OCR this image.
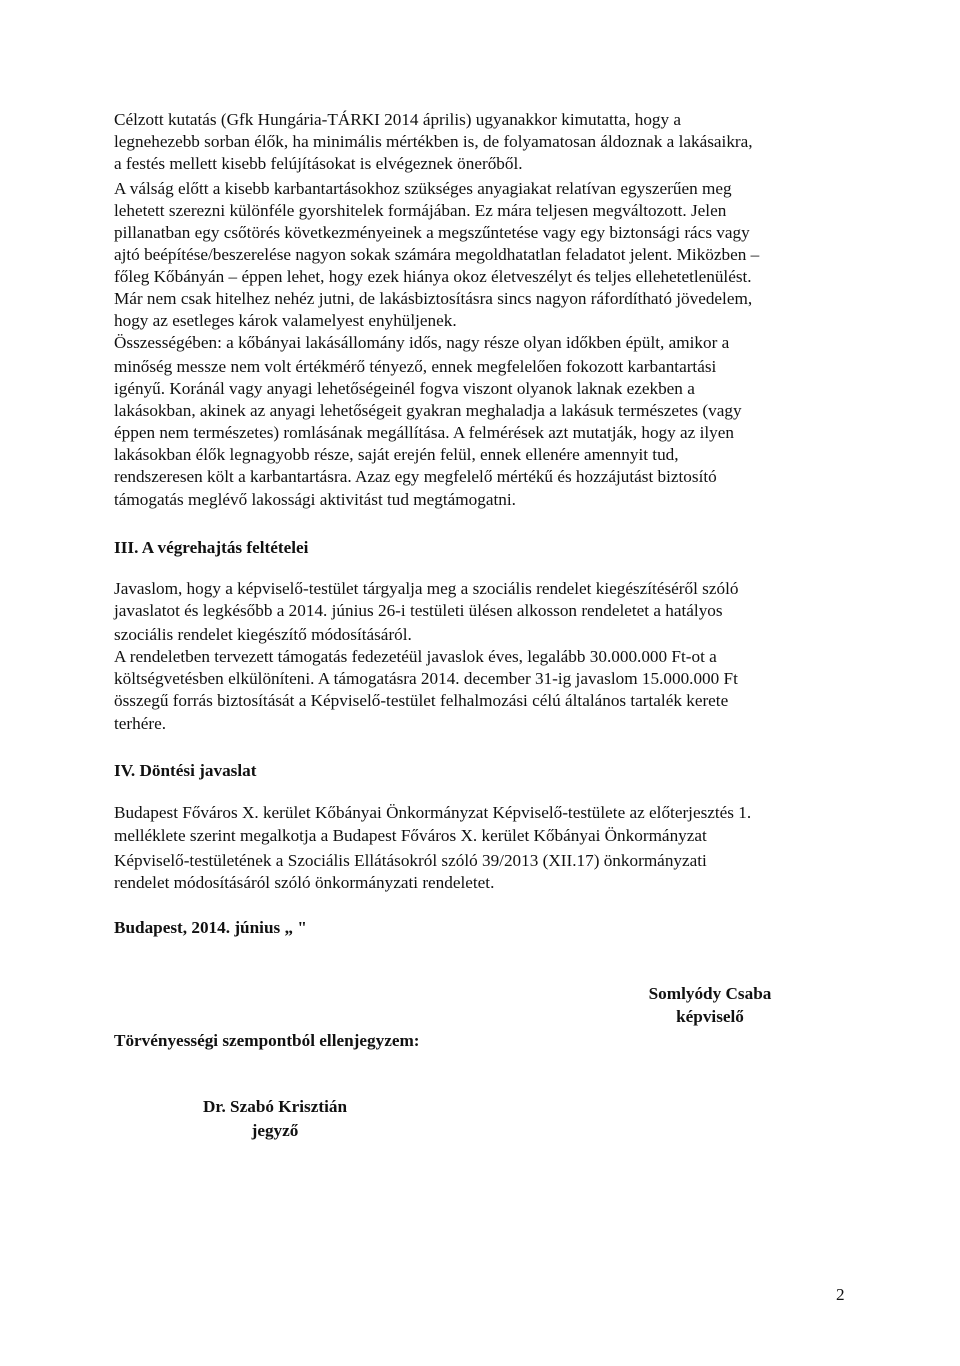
Célzott kutatás (Gfk Hungária-TÁRKI 2014 április) ugyanakkor kimutatta, hogy a
legnehezebb sorban élők, ha minimális mértékben is, de folyamatosan áldoznak a lakásaikra,
a festés mellett kisebb felújításokat is elvégeznek önerőből.
A válság előtt a kisebb karbantartásokhoz szükséges anyagiakat relatívan egyszerűen meg
lehetett szerezni különféle gyorshitelek formájában. Ez mára teljesen megváltozott. Jelen
pillanatban egy csőtörés következményeinek a megszűntetése vagy egy biztonsági rács vagy
ajtó beépítése/beszerelése nagyon sokak számára megoldhatatlan feladatot jelent. Miközben –
főleg Kőbányán – éppen lehet, hogy ezek hiánya okoz életveszélyt és teljes ellehetetlenülést.
Már nem csak hitelhez nehéz jutni, de lakásbiztosításra sincs nagyon ráfordítható jövedelem,
hogy az esetleges károk valamelyest enyhüljenek.
Összességében: a kőbányai lakásállomány idős, nagy része olyan időkben épült, amikor a
minőség messze nem volt értékmérő tényező, ennek megfelelően fokozott karbantartási
igényű. Koránál vagy anyagi lehetőségeinél fogva viszont olyanok laknak ezekben a
lakásokban, akinek az anyagi lehetőségeit gyakran meghaladja a lakásuk természetes (vagy
éppen nem természetes) romlásának megállítása. A felmérések azt mutatják, hogy az ilyen
lakásokban élők legnagyobb része, saját erején felül, ennek ellenére amennyit tud,
rendszeresen költ a karbantartásra. Azaz egy megfelelő mértékű és hozzájutást biztosító
támogatás meglévő lakossági aktivitást tud megtámogatni.
III. A végrehajtás feltételei
Javaslom, hogy a képviselő-testület tárgyalja meg a szociális rendelet kiegészítéséről szóló
javaslatot és legkésőbb a 2014. június 26-i testületi ülésen alkosson rendeletet a hatályos
szociális rendelet kiegészítő módosításáról.
A rendeletben tervezett támogatás fedezetéül javaslok éves, legalább 30.000.000 Ft-ot a
költségvetésben elkülöníteni. A támogatásra 2014. december 31-ig javaslom 15.000.000 Ft
összegű forrás biztosítását a Képviselő-testület felhalmozási célú általános tartalék kerete
terhére.
IV. Döntési javaslat
Budapest Főváros X. kerület Kőbányai Önkormányzat Képviselő-testülete az előterjesztés 1.
melléklete szerint megalkotja a Budapest Főváros X. kerület Kőbányai Önkormányzat
Képviselő-testületének a Szociális Ellátásokról szóló 39/2013 (XII.17) önkormányzati
rendelet módosításáról szóló önkormányzati rendeletet.
Budapest, 2014. június „ "
Somlyódy Csaba
képviselő
Törvényességi szempontból ellenjegyzem:
Dr. Szabó Krisztián
jegyző
2
